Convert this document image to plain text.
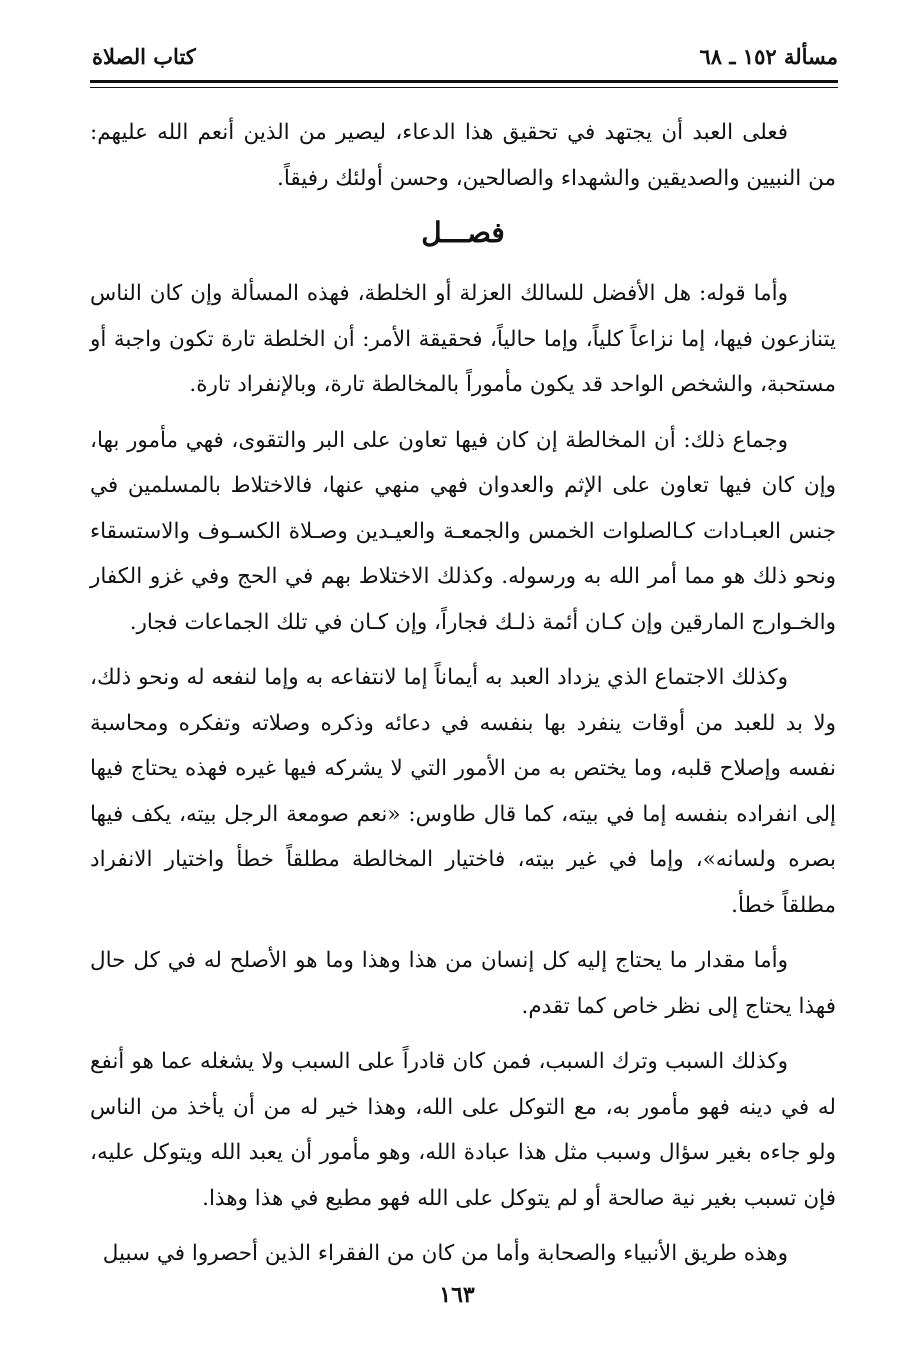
مسألة ١٥٢ ـ ٦٨
كتاب الصلاة

فعلى العبد أن يجتهد في تحقيق هذا الدعاء، ليصير من الذين أنعم الله عليهم: من النبيين والصديقين والشهداء والصالحين، وحسن أولئك رفيقاً.

فصـــل

وأما قوله: هل الأفضل للسالك العزلة أو الخلطة، فهذه المسألة وإن كان الناس يتنازعون فيها، إما نزاعاً كلياً، وإما حالياً، فحقيقة الأمر: أن الخلطة تارة تكون واجبة أو مستحبة، والشخص الواحد قد يكون مأموراً بالمخالطة تارة، وبالإنفراد تارة.

وجماع ذلك: أن المخالطة إن كان فيها تعاون على البر والتقوى، فهي مأمور بها، وإن كان فيها تعاون على الإثم والعدوان فهي منهي عنها، فالاختلاط بالمسلمين في جنس العبـادات كـالصلوات الخمس والجمعـة والعيـدين وصـلاة الكسـوف والاستسقاء ونحو ذلك هو مما أمر الله به ورسوله. وكذلك الاختلاط بهم في الحج وفي غزو الكفار والخـوارج المارقين وإن كـان أئمة ذلـك فجاراً، وإن كـان في تلك الجماعات فجار.

وكذلك الاجتماع الذي يزداد العبد به أيماناً إما لانتفاعه به وإما لنفعه له ونحو ذلك، ولا بد للعبد من أوقات ينفرد بها بنفسه في دعائه وذكره وصلاته وتفكره ومحاسبة نفسه وإصلاح قلبه، وما يختص به من الأمور التي لا يشركه فيها غيره فهذه يحتاج فيها إلى انفراده بنفسه إما في بيته، كما قال طاوس: «نعم صومعة الرجل بيته، يكف فيها بصره ولسانه»، وإما في غير بيته، فاختيار المخالطة مطلقاً خطأ واختيار الانفراد مطلقاً خطأ.

وأما مقدار ما يحتاج إليه كل إنسان من هذا وهذا وما هو الأصلح له في كل حال فهذا يحتاج إلى نظر خاص كما تقدم.

وكذلك السبب وترك السبب، فمن كان قادراً على السبب ولا يشغله عما هو أنفع له في دينه فهو مأمور به، مع التوكل على الله، وهذا خير له من أن يأخذ من الناس ولو جاءه بغير سؤال وسبب مثل هذا عبادة الله، وهو مأمور أن يعبد الله ويتوكل عليه، فإن تسبب بغير نية صالحة أو لم يتوكل على الله فهو مطيع في هذا وهذا.

وهذه طريق الأنبياء والصحابة وأما من كان من الفقراء الذين أحصروا في سبيل

١٦٣
